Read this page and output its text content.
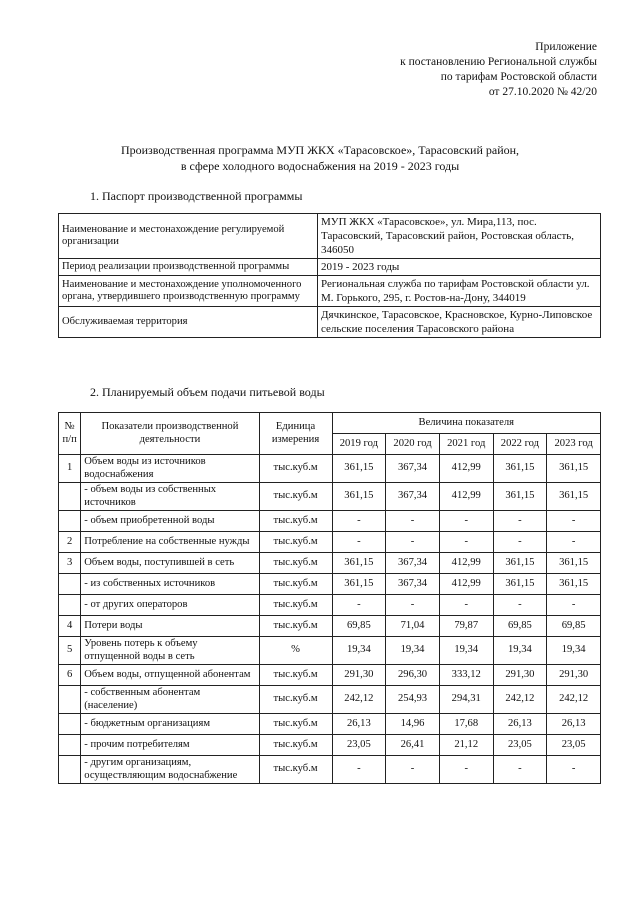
Приложение
к постановлению Региональной службы
по тарифам Ростовской области
от 27.10.2020 № 42/20
Производственная программа МУП ЖКХ «Тарасовское», Тарасовский район,
в сфере холодного водоснабжения на 2019 - 2023 годы
1. Паспорт производственной программы
Наименование и местонахождение регулируемой организации	МУП ЖКХ «Тарасовское», ул. Мира,113, пос. Тарасовский, Тарасовский район, Ростовская область, 346050
Период реализации производственной программы	2019 - 2023 годы
Наименование и местонахождение уполномоченного органа, утвердившего производственную программу	Региональная служба по тарифам Ростовской области ул. М. Горького, 295, г. Ростов-на-Дону, 344019
Обслуживаемая территория	Дячкинское, Тарасовское, Красновское, Курно-Липовское сельские поселения Тарасовского района
2. Планируемый объем подачи питьевой воды
№ п/п	Показатели производственной деятельности	Единица измерения	Величина показателя				
			2019 год	2020 год	2021 год	2022 год	2023 год
1	Объем воды из источников водоснабжения	тыс.куб.м	361,15	367,34	412,99	361,15	361,15
	- объем воды из собственных источников	тыс.куб.м	361,15	367,34	412,99	361,15	361,15
	- объем приобретенной воды	тыс.куб.м	-	-	-	-	-
2	Потребление на собственные нужды	тыс.куб.м	-	-	-	-	-
3	Объем воды, поступившей в сеть	тыс.куб.м	361,15	367,34	412,99	361,15	361,15
	- из собственных источников	тыс.куб.м	361,15	367,34	412,99	361,15	361,15
	- от других операторов	тыс.куб.м	-	-	-	-	-
4	Потери воды	тыс.куб.м	69,85	71,04	79,87	69,85	69,85
5	Уровень потерь к объему отпущенной воды в сеть	%	19,34	19,34	19,34	19,34	19,34
6	Объем воды, отпущенной абонентам	тыс.куб.м	291,30	296,30	333,12	291,30	291,30
	- собственным абонентам (население)	тыс.куб.м	242,12	254,93	294,31	242,12	242,12
	- бюджетным организациям	тыс.куб.м	26,13	14,96	17,68	26,13	26,13
	- прочим потребителям	тыс.куб.м	23,05	26,41	21,12	23,05	23,05
	- другим организациям, осуществляющим водоснабжение	тыс.куб.м	-	-	-	-	-
